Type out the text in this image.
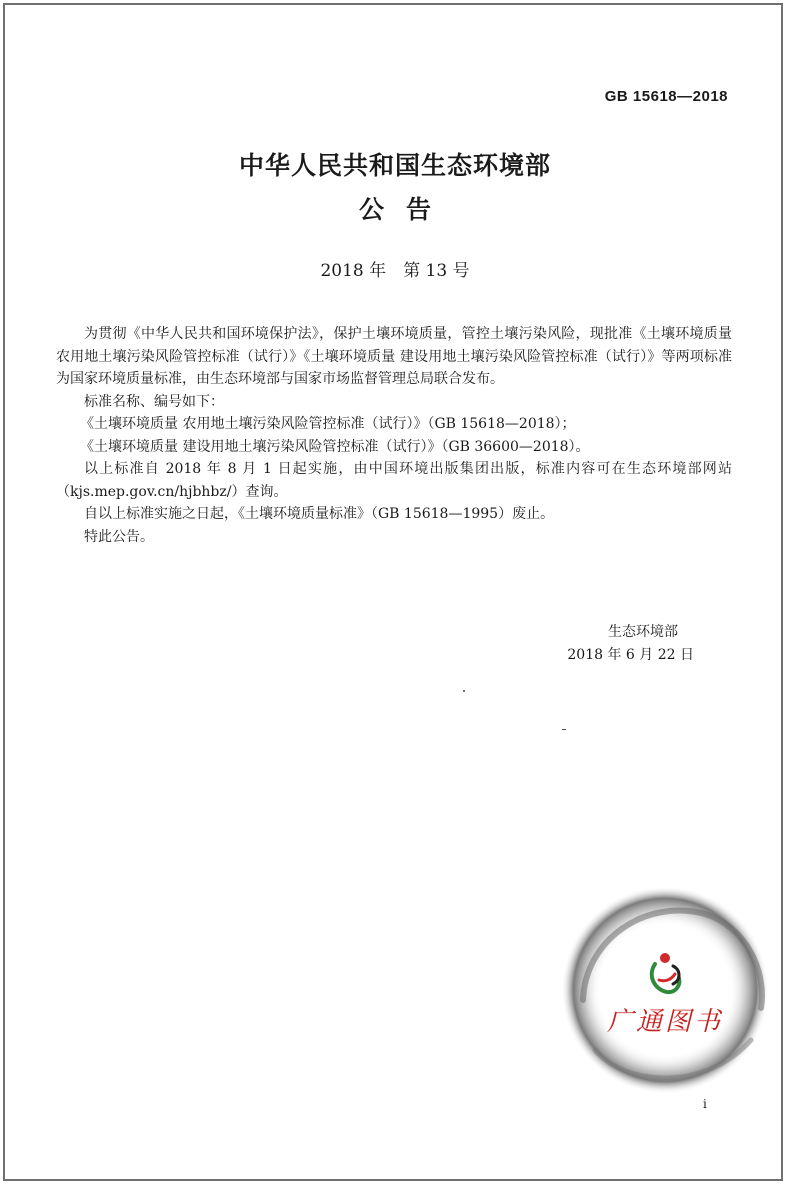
GB 15618—2018
中华人民共和国生态环境部
公告
2018 年　第 13 号

为贯彻《中华人民共和国环境保护法》，保护土壤环境质量，管控土壤污染风险，现批准《土壤环境质量 农用地土壤污染风险管控标准（试行）》《土壤环境质量 建设用地土壤污染风险管控标准（试行）》等两项标准为国家环境质量标准，由生态环境部与国家市场监督管理总局联合发布。

标准名称、编号如下：

《土壤环境质量 农用地土壤污染风险管控标准（试行）》（GB 15618—2018）；

《土壤环境质量 建设用地土壤污染风险管控标准（试行）》（GB 36600—2018）。

以上标准自 2018 年 8 月 1 日起实施，由中国环境出版集团出版，标准内容可在生态环境部网站（kjs.mep.gov.cn/hjbhbz/）查询。

自以上标准实施之日起，《土壤环境质量标准》（GB 15618—1995）废止。

特此公告。

生态环境部
2018 年 6 月 22 日
广通图书
i
